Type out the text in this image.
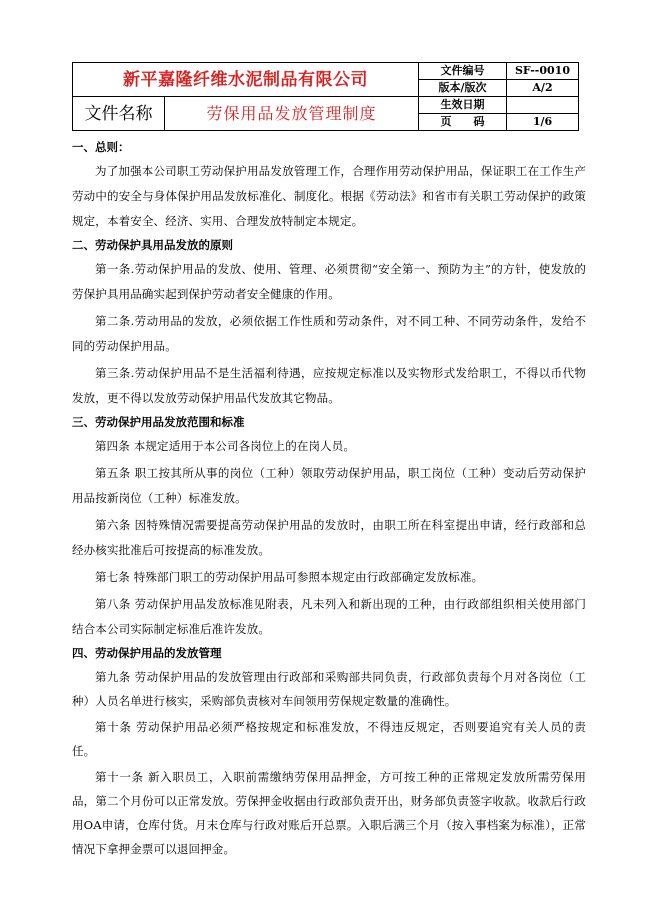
新平嘉隆纤维水泥制品有限公司		文件编号	SF--0010
		版本/版次	A/2
文件名称	劳保用品发放管理制度	生效日期	
		页　　码	1/6
一、总则：

为了加强本公司职工劳动保护用品发放管理工作，合理作用劳动保护用品，保证职工在工作生产劳动中的安全与身体保护用品发放标准化、制度化。根据《劳动法》和省市有关职工劳动保护的政策规定，本着安全、经济、实用、合理发放特制定本规定。

二、劳动保护具用品发放的原则

第一条.劳动保护用品的发放、使用、管理、必须贯彻“安全第一、预防为主”的方针，使发放的劳保护具用品确实起到保护劳动者安全健康的作用。

第二条.劳动用品的发放，必须依据工作性质和劳动条件，对不同工种、不同劳动条件，发给不同的劳动保护用品。

第三条.劳动保护用品不是生活福利待遇，应按规定标准以及实物形式发给职工，不得以币代物发放，更不得以发放劳动保护用品代发放其它物品。

三、劳动保护用品发放范围和标准

第四条 本规定适用于本公司各岗位上的在岗人员。

第五条 职工按其所从事的岗位（工种）领取劳动保护用品，职工岗位（工种）变动后劳动保护用品按新岗位（工种）标准发放。

第六条 因特殊情况需要提高劳动保护用品的发放时，由职工所在科室提出申请，经行政部和总经办核实批准后可按提高的标准发放。

第七条 特殊部门职工的劳动保护用品可参照本规定由行政部确定发放标准。

第八条 劳动保护用品发放标准见附表，凡未列入和新出现的工种，由行政部组织相关使用部门结合本公司实际制定标准后准许发放。

四、劳动保护用品的发放管理

第九条 劳动保护用品的发放管理由行政部和采购部共同负责，行政部负责每个月对各岗位（工种）人员名单进行核实，采购部负责核对车间领用劳保规定数量的准确性。

第十条 劳动保护用品必须严格按规定和标准发放，不得违反规定，否则要追究有关人员的责任。

第十一条 新入职员工，入职前需缴纳劳保用品押金，方可按工种的正常规定发放所需劳保用品，第二个月份可以正常发放。劳保押金收据由行政部负责开出，财务部负责签字收款。收款后行政用OA申请，仓库付货。月末仓库与行政对账后开总票。入职后满三个月（按入事档案为标准），正常情况下拿押金票可以退回押金。
